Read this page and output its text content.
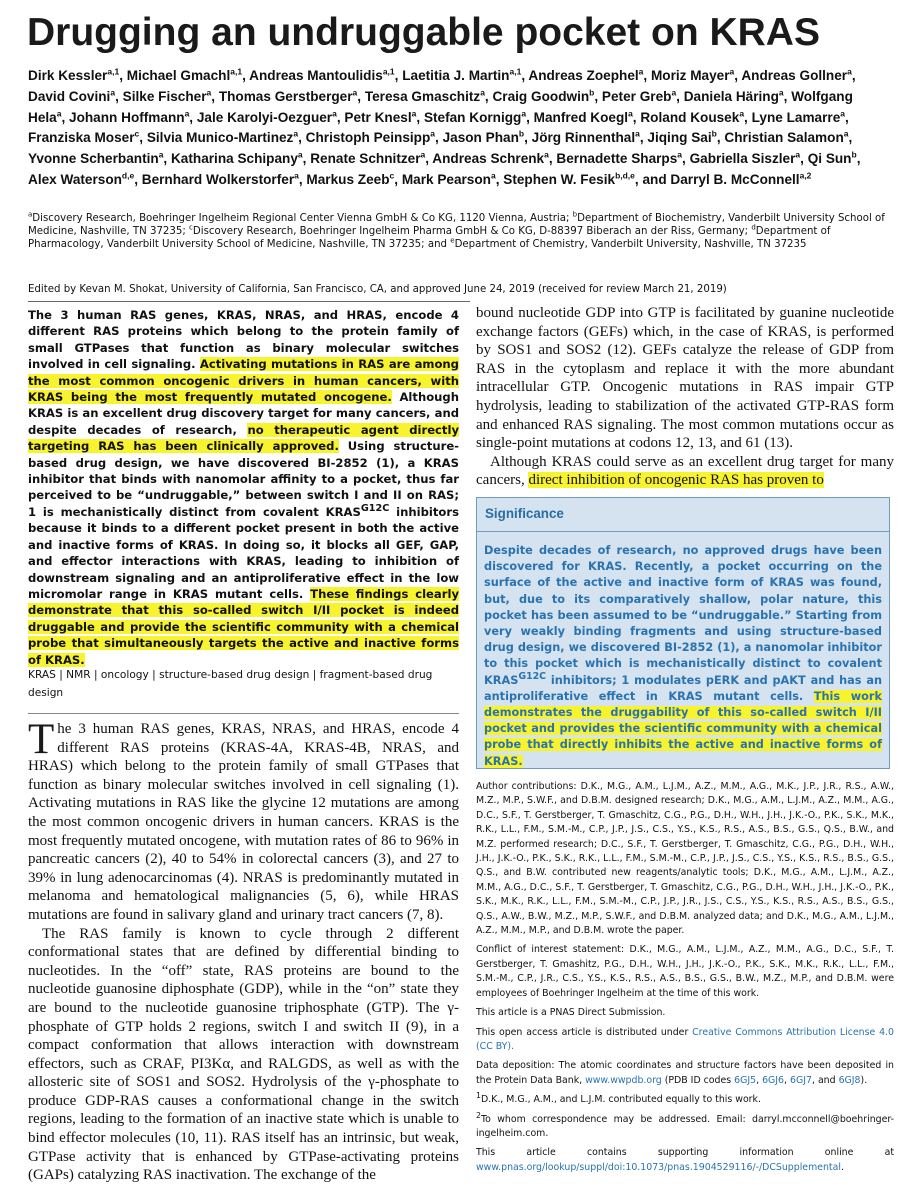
Drugging an undruggable pocket on KRAS
Dirk Kessler$^{a,1}$, Michael Gmachl$^{a,1}$, Andreas Mantoulidis$^{a,1}$, Laetitia J. Martin$^{a,1}$, Andreas Zoephel$^a$, Moriz Mayer$^a$, Andreas Gollner$^a$, David Covini$^a$, Silke Fischer$^a$, Thomas Gerstberger$^a$, Teresa Gmaschitz$^a$, Craig Goodwin$^b$, Peter Greb$^a$, Daniela Häring$^a$, Wolfgang Hela$^a$, Johann Hoffmann$^a$, Jale Karolyi-Oezguer$^a$, Petr Knesl$^a$, Stefan Kornigg$^a$, Manfred Koegl$^a$, Roland Kousek$^a$, Lyne Lamarre$^a$, Franziska Moser$^c$, Silvia Munico-Martinez$^a$, Christoph Peinsipp$^a$, Jason Phan$^b$, Jörg Rinnenthal$^a$, Jiqing Sai$^b$, Christian Salamon$^a$, Yvonne Scherbantin$^a$, Katharina Schipany$^a$, Renate Schnitzer$^a$, Andreas Schrenk$^a$, Bernadette Sharps$^a$, Gabriella Siszler$^a$, Qi Sun$^b$, Alex Waterson$^{d,e}$, Bernhard Wolkerstorfer$^a$, Markus Zeeb$^c$, Mark Pearson$^a$, Stephen W. Fesik$^{b,d,e}$, and Darryl B. McConnell$^{a,2}$
$^a$Discovery Research, Boehringer Ingelheim Regional Center Vienna GmbH & Co KG, 1120 Vienna, Austria; $^b$Department of Biochemistry, Vanderbilt University School of Medicine, Nashville, TN 37235; $^c$Discovery Research, Boehringer Ingelheim Pharma GmbH & Co KG, D-88397 Biberach an der Riss, Germany; $^d$Department of Pharmacology, Vanderbilt University School of Medicine, Nashville, TN 37235; and $^e$Department of Chemistry, Vanderbilt University, Nashville, TN 37235
Edited by Kevan M. Shokat, University of California, San Francisco, CA, and approved June 24, 2019 (received for review March 21, 2019)

The 3 human RAS genes, KRAS, NRAS, and HRAS, encode 4 different RAS proteins which belong to the protein family of small GTPases that function as binary molecular switches involved in cell signaling. Activating mutations in RAS are among the most common oncogenic drivers in human cancers, with KRAS being the most frequently mutated oncogene. Although KRAS is an excellent drug discovery target for many cancers, and despite decades of research, no therapeutic agent directly targeting RAS has been clinically approved. Using structure-based drug design, we have discovered BI-2852 (1), a KRAS inhibitor that binds with nanomolar affinity to a pocket, thus far perceived to be “undruggable,” between switch I and II on RAS; 1 is mechanistically distinct from covalent $KRAS^{G12C}$ inhibitors because it binds to a different pocket present in both the active and inactive forms of KRAS. In doing so, it blocks all GEF, GAP, and effector interactions with KRAS, leading to inhibition of downstream signaling and an antiproliferative effect in the low micromolar range in KRAS mutant cells. These findings clearly demonstrate that this so-called switch I/II pocket is indeed druggable and provide the scientific community with a chemical probe that simultaneously targets the active and inactive forms of KRAS.

KRAS | NMR | oncology | structure-based drug design | fragment-based drug design

The 3 human RAS genes, KRAS, NRAS, and HRAS, encode 4 different RAS proteins (KRAS-4A, KRAS-4B, NRAS, and HRAS) which belong to the protein family of small GTPases that function as binary molecular switches involved in cell signaling (1). Activating mutations in RAS like the glycine 12 mutations are among the most common oncogenic drivers in human cancers. KRAS is the most frequently mutated oncogene, with mutation rates of 86 to 96% in pancreatic cancers (2), 40 to 54% in colorectal cancers (3), and 27 to 39% in lung adenocarcinomas (4). NRAS is predominantly mutated in melanoma and hematological malignancies (5, 6), while HRAS mutations are found in salivary gland and urinary tract cancers (7, 8).

The RAS family is known to cycle through 2 different conformational states that are defined by differential binding to nucleotides. In the “off” state, RAS proteins are bound to the nucleotide guanosine diphosphate (GDP), while in the “on” state they are bound to the nucleotide guanosine triphosphate (GTP). The γ-phosphate of GTP holds 2 regions, switch I and switch II (9), in a compact conformation that allows interaction with downstream effectors, such as CRAF, PI3Kα, and RALGDS, as well as with the allosteric site of SOS1 and SOS2. Hydrolysis of the γ-phosphate to produce GDP-RAS causes a conformational change in the switch regions, leading to the formation of an inactive state which is unable to bind effector molecules (10, 11). RAS itself has an intrinsic, but weak, GTPase activity that is enhanced by GTPase-activating proteins (GAPs) catalyzing RAS inactivation. The exchange of the

bound nucleotide GDP into GTP is facilitated by guanine nucleotide exchange factors (GEFs) which, in the case of KRAS, is performed by SOS1 and SOS2 (12). GEFs catalyze the release of GDP from RAS in the cytoplasm and replace it with the more abundant intracellular GTP. Oncogenic mutations in RAS impair GTP hydrolysis, leading to stabilization of the activated GTP-RAS form and enhanced RAS signaling. The most common mutations occur as single-point mutations at codons 12, 13, and 61 (13).

Although KRAS could serve as an excellent drug target for many cancers, direct inhibition of oncogenic RAS has proven to

Significance
Despite decades of research, no approved drugs have been discovered for KRAS. Recently, a pocket occurring on the surface of the active and inactive form of KRAS was found, but, due to its comparatively shallow, polar nature, this pocket has been assumed to be “undruggable.” Starting from very weakly binding fragments and using structure-based drug design, we discovered BI-2852 (1), a nanomolar inhibitor to this pocket which is mechanistically distinct to covalent $KRAS^{G12C}$ inhibitors; 1 modulates pERK and pAKT and has an antiproliferative effect in KRAS mutant cells. This work demonstrates the druggability of this so-called switch I/II pocket and provides the scientific community with a chemical probe that directly inhibits the active and inactive forms of KRAS.

Author contributions: D.K., M.G., A.M., L.J.M., A.Z., M.M., A.G., M.K., J.P., J.R., R.S., A.W., M.Z., M.P., S.W.F., and D.B.M. designed research; D.K., M.G., A.M., L.J.M., A.Z., M.M., A.G., D.C., S.F., T. Gerstberger, T. Gmaschitz, C.G., P.G., D.H., W.H., J.H., J.K.-O., P.K., S.K., M.K., R.K., L.L., F.M., S.M.-M., C.P., J.P., J.S., C.S., Y.S., K.S., R.S., A.S., B.S., G.S., Q.S., B.W., and M.Z. performed research; D.C., S.F., T. Gerstberger, T. Gmaschitz, C.G., P.G., D.H., W.H., J.H., J.K.-O., P.K., S.K., R.K., L.L., F.M., S.M.-M., C.P., J.P., J.S., C.S., Y.S., K.S., R.S., B.S., G.S., Q.S., and B.W. contributed new reagents/analytic tools; D.K., M.G., A.M., L.J.M., A.Z., M.M., A.G., D.C., S.F., T. Gerstberger, T. Gmaschitz, C.G., P.G., D.H., W.H., J.H., J.K.-O., P.K., S.K., M.K., R.K., L.L., F.M., S.M.-M., C.P., J.P., J.R., J.S., C.S., Y.S., K.S., R.S., A.S., B.S., G.S., Q.S., A.W., B.W., M.Z., M.P., S.W.F., and D.B.M. analyzed data; and D.K., M.G., A.M., L.J.M., A.Z., M.M., M.P., and D.B.M. wrote the paper.

Conflict of interest statement: D.K., M.G., A.M., L.J.M., A.Z., M.M., A.G., D.C., S.F., T. Gerstberger, T. Gmashitz, P.G., D.H., W.H., J.H., J.K.-O., P.K., S.K., M.K., R.K., L.L., F.M., S.M.-M., C.P., J.R., C.S., Y.S., K.S., R.S., A.S., B.S., G.S., B.W., M.Z., M.P., and D.B.M. were employees of Boehringer Ingelheim at the time of this work.

This article is a PNAS Direct Submission.

This open access article is distributed under Creative Commons Attribution License 4.0 (CC BY).

Data deposition: The atomic coordinates and structure factors have been deposited in the Protein Data Bank, www.wwpdb.org (PDB ID codes 6GJ5, 6GJ6, 6GJ7, and 6GJ8).

$^1$D.K., M.G., A.M., and L.J.M. contributed equally to this work.

$^2$To whom correspondence may be addressed. Email: darryl.mcconnell@boehringer-ingelheim.com.

This article contains supporting information online at www.pnas.org/lookup/suppl/doi:10.1073/pnas.1904529116/-/DCSupplemental.
